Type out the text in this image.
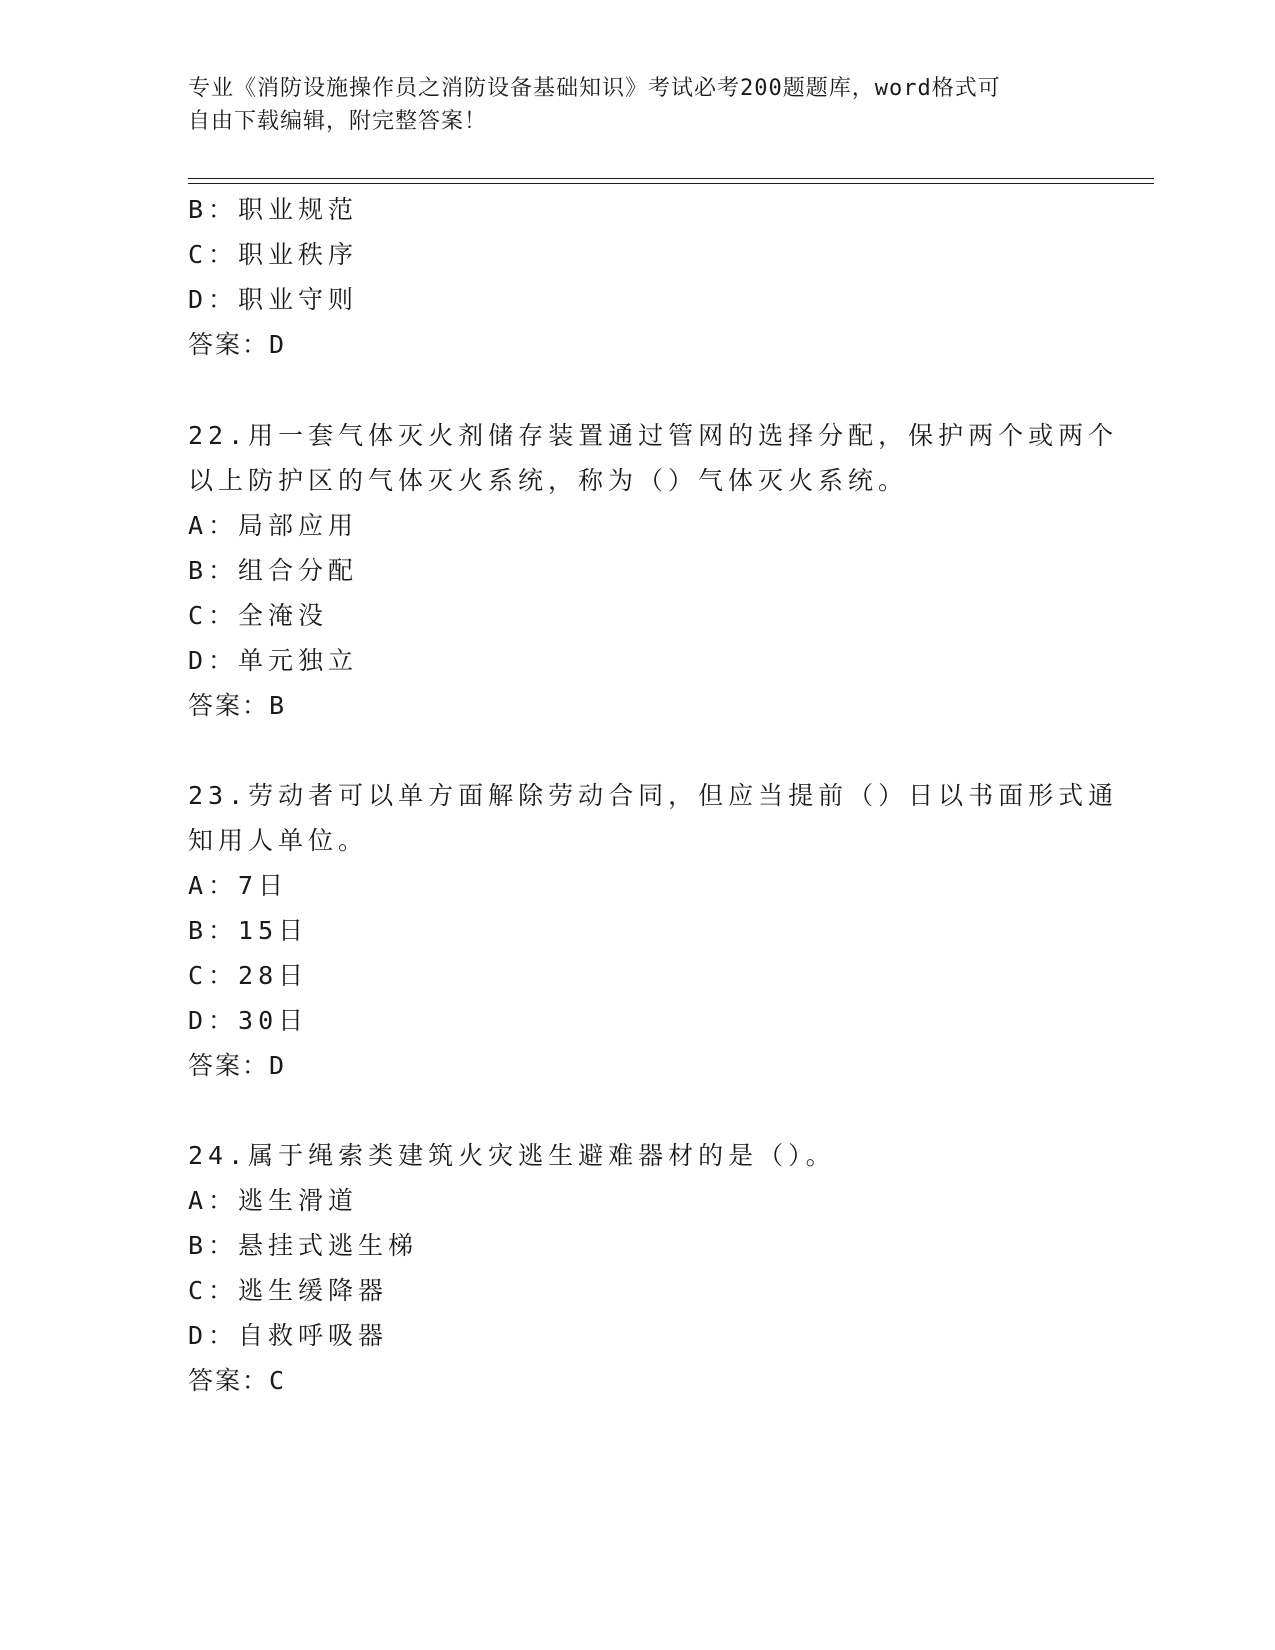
专业《消防设施操作员之消防设备基础知识》考试必考200题题库，word格式可
自由下载编辑，附完整答案！
B：职业规范
C：职业秩序
D：职业守则
答案：D
22.用一套气体灭火剂储存装置通过管网的选择分配，保护两个或两个
以上防护区的气体灭火系统，称为（）气体灭火系统。
A：局部应用
B：组合分配
C：全淹没
D：单元独立
答案：B
23.劳动者可以单方面解除劳动合同，但应当提前（）日以书面形式通
知用人单位。
A：7日
B：15日
C：28日
D：30日
答案：D
24.属于绳索类建筑火灾逃生避难器材的是（）。
A：逃生滑道
B：悬挂式逃生梯
C：逃生缓降器
D：自救呼吸器
答案：C
